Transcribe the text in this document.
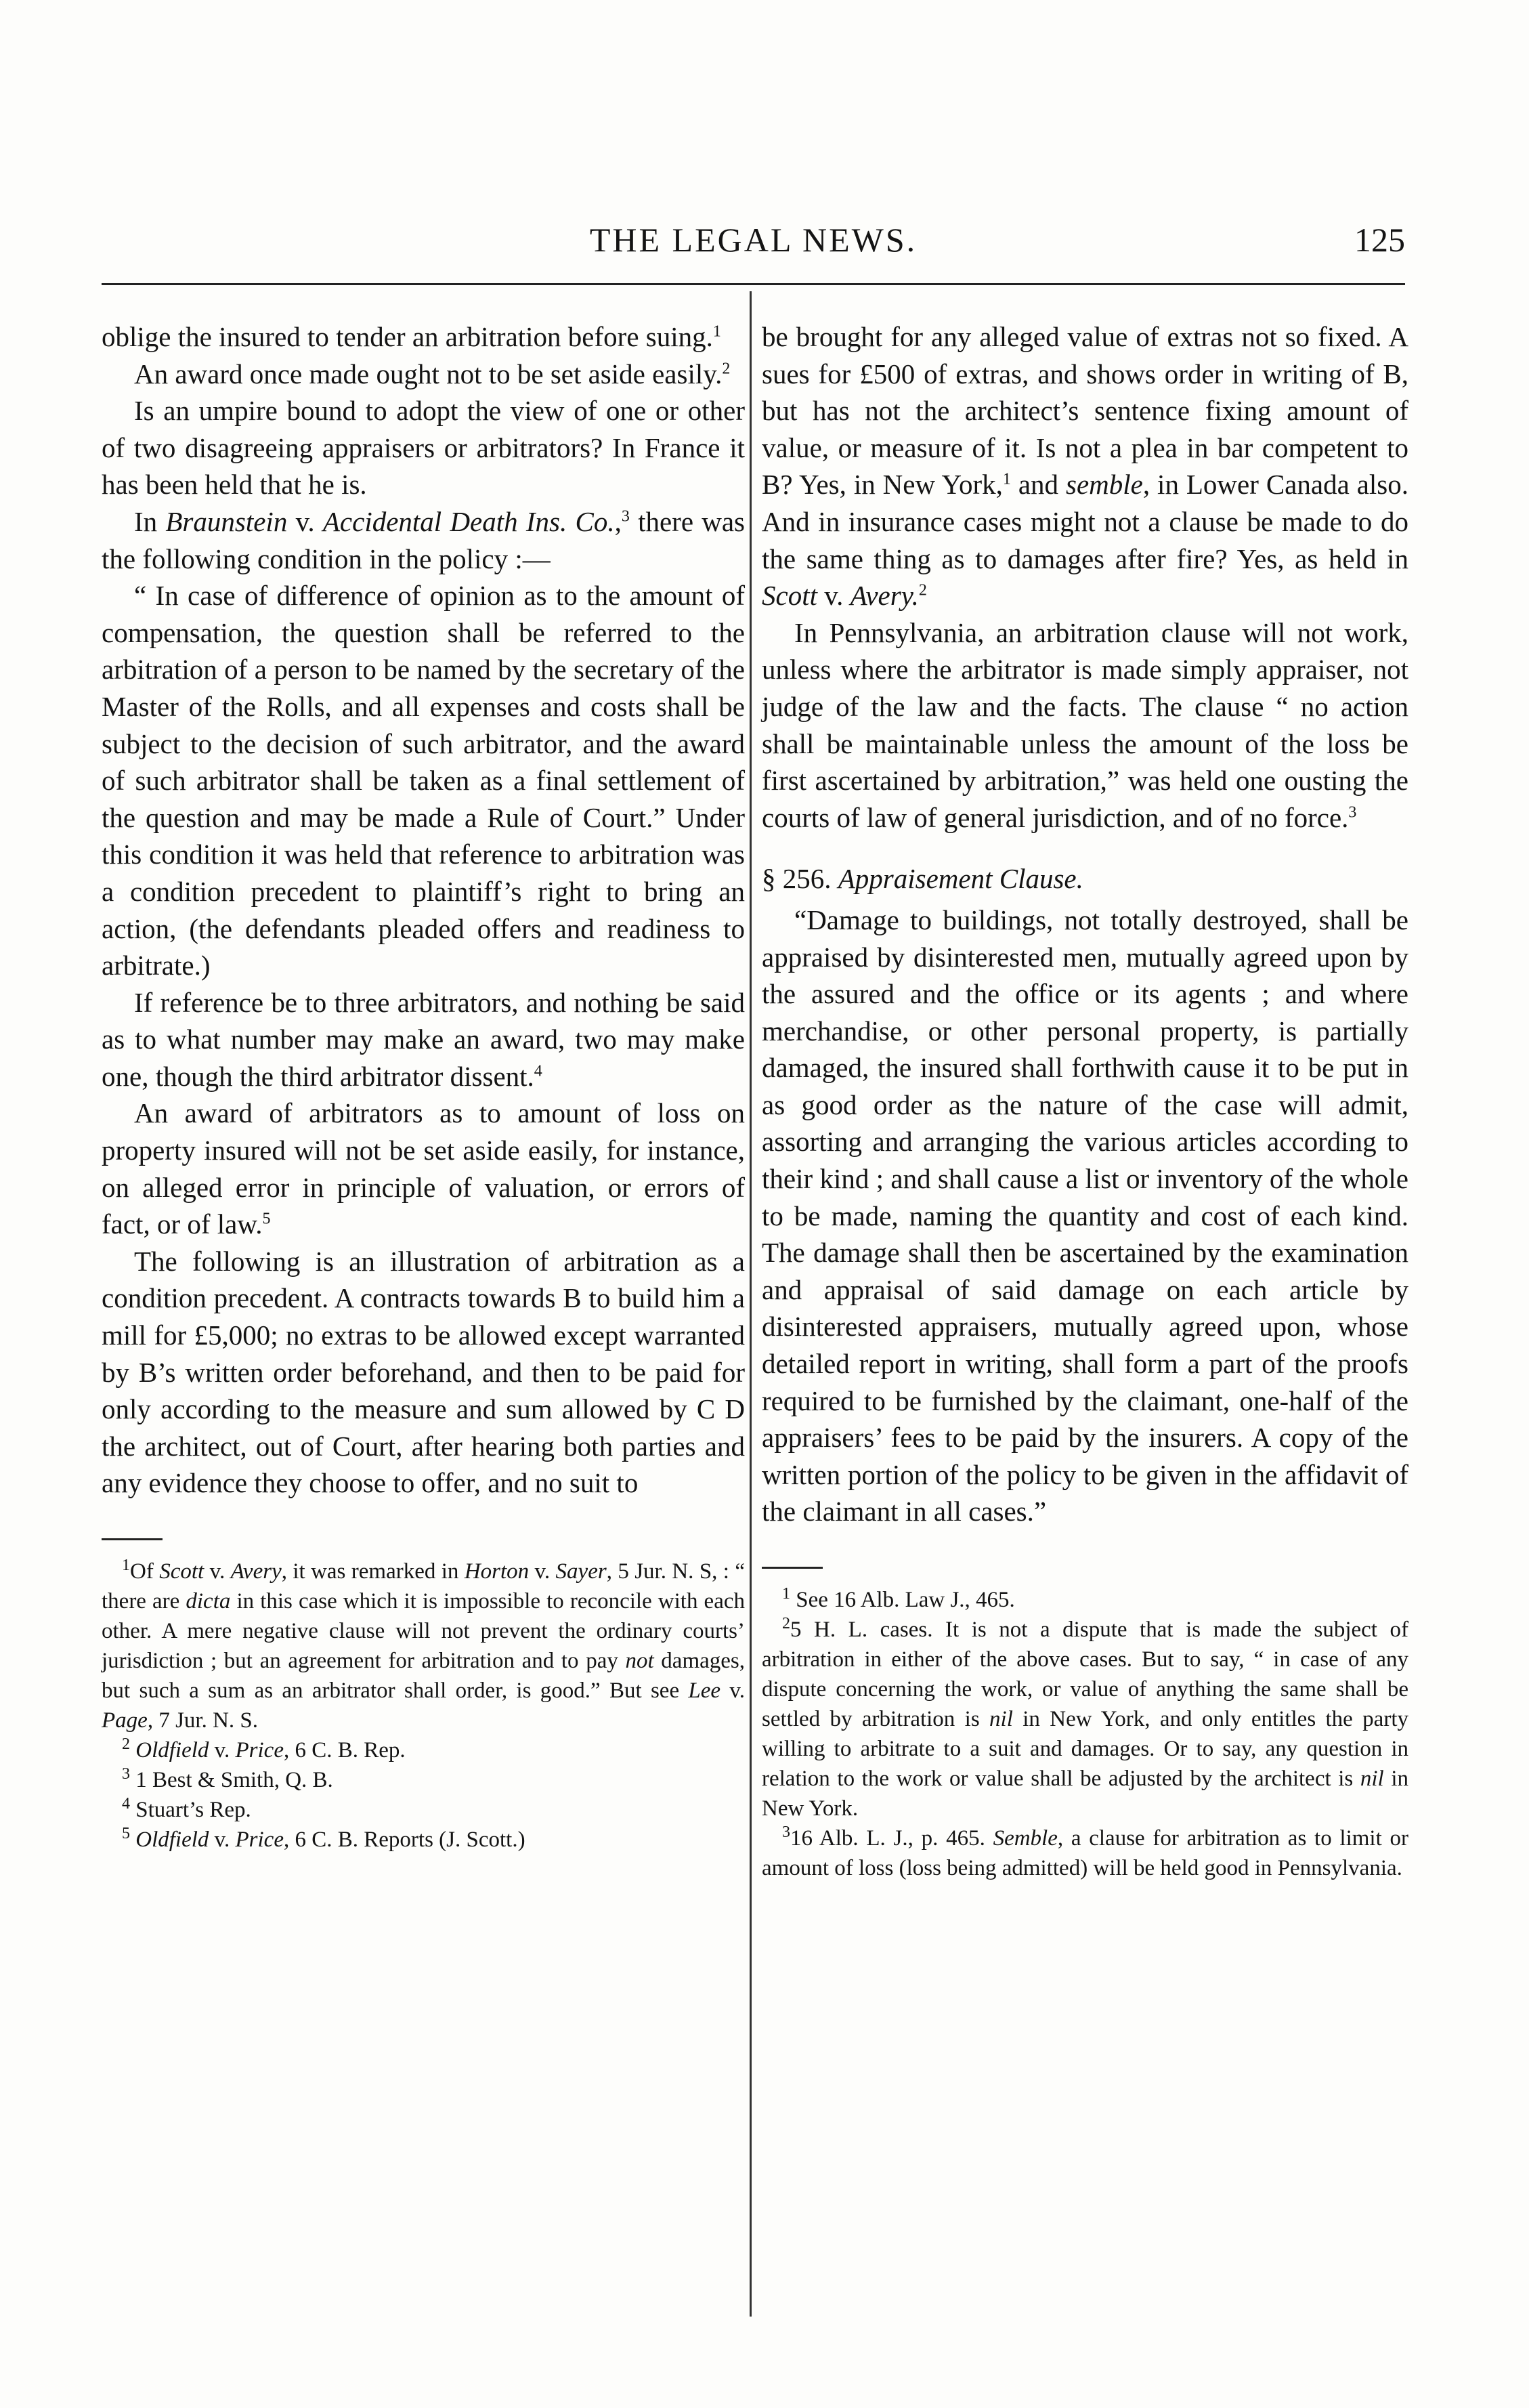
THE LEGAL NEWS.	125

oblige the insured to tender an arbitration before suing.$^1$

An award once made ought not to be set aside easily.$^2$

Is an umpire bound to adopt the view of one or other of two disagreeing appraisers or arbitrators? In France it has been held that he is.

In Braunstein v. Accidental Death Ins. Co.,$^3$ there was the following condition in the policy :—

“ In case of difference of opinion as to the amount of compensation, the question shall be referred to the arbitration of a person to be named by the secretary of the Master of the Rolls, and all expenses and costs shall be subject to the decision of such arbitrator, and the award of such arbitrator shall be taken as a final settlement of the question and may be made a Rule of Court.” Under this condition it was held that reference to arbitration was a condition precedent to plaintiff’s right to bring an action, (the defendants pleaded offers and readiness to arbitrate.)

If reference be to three arbitrators, and nothing be said as to what number may make an award, two may make one, though the third arbitrator dissent.$^4$

An award of arbitrators as to amount of loss on property insured will not be set aside easily, for instance, on alleged error in principle of valuation, or errors of fact, or of law.$^5$

The following is an illustration of arbitration as a condition precedent. A contracts towards B to build him a mill for £5,000; no extras to be allowed except warranted by B’s written order beforehand, and then to be paid for only according to the measure and sum allowed by C D the architect, out of Court, after hearing both parties and any evidence they choose to offer, and no suit to

$^1$Of Scott v. Avery, it was remarked in Horton v. Sayer, 5 Jur. N. S, : “ there are dicta in this case which it is impossible to reconcile with each other. A mere negative clause will not prevent the ordinary courts’ jurisdiction ; but an agreement for arbitration and to pay not damages, but such a sum as an arbitrator shall order, is good.” But see Lee v. Page, 7 Jur. N. S.

$^2$ Oldfield v. Price, 6 C. B. Rep.

$^3$ 1 Best & Smith, Q. B.

$^4$ Stuart’s Rep.

$^5$ Oldfield v. Price, 6 C. B. Reports (J. Scott.)

be brought for any alleged value of extras not so fixed. A sues for £500 of extras, and shows order in writing of B, but has not the architect’s sentence fixing amount of value, or measure of it. Is not a plea in bar competent to B? Yes, in New York,$^1$ and semble, in Lower Canada also. And in insurance cases might not a clause be made to do the same thing as to damages after fire? Yes, as held in Scott v. Avery.$^2$

In Pennsylvania, an arbitration clause will not work, unless where the arbitrator is made simply appraiser, not judge of the law and the facts. The clause “ no action shall be maintainable unless the amount of the loss be first ascertained by arbitration,” was held one ousting the courts of law of general jurisdiction, and of no force.$^3$

§ 256. Appraisement Clause.

“Damage to buildings, not totally destroyed, shall be appraised by disinterested men, mutually agreed upon by the assured and the office or its agents ; and where merchandise, or other personal property, is partially damaged, the insured shall forthwith cause it to be put in as good order as the nature of the case will admit, assorting and arranging the various articles according to their kind ; and shall cause a list or inventory of the whole to be made, naming the quantity and cost of each kind. The damage shall then be ascertained by the examination and appraisal of said damage on each article by disinterested appraisers, mutually agreed upon, whose detailed report in writing, shall form a part of the proofs required to be furnished by the claimant, one-half of the appraisers’ fees to be paid by the insurers. A copy of the written portion of the policy to be given in the affidavit of the claimant in all cases.”

$^1$ See 16 Alb. Law J., 465.

$^2$5 H. L. cases. It is not a dispute that is made the subject of arbitration in either of the above cases. But to say, “ in case of any dispute concerning the work, or value of anything the same shall be settled by arbitration is nil in New York, and only entitles the party willing to arbitrate to a suit and damages. Or to say, any question in relation to the work or value shall be adjusted by the architect is nil in New York.

$^3$16 Alb. L. J., p. 465. Semble, a clause for arbitration as to limit or amount of loss (loss being admitted) will be held good in Pennsylvania.
